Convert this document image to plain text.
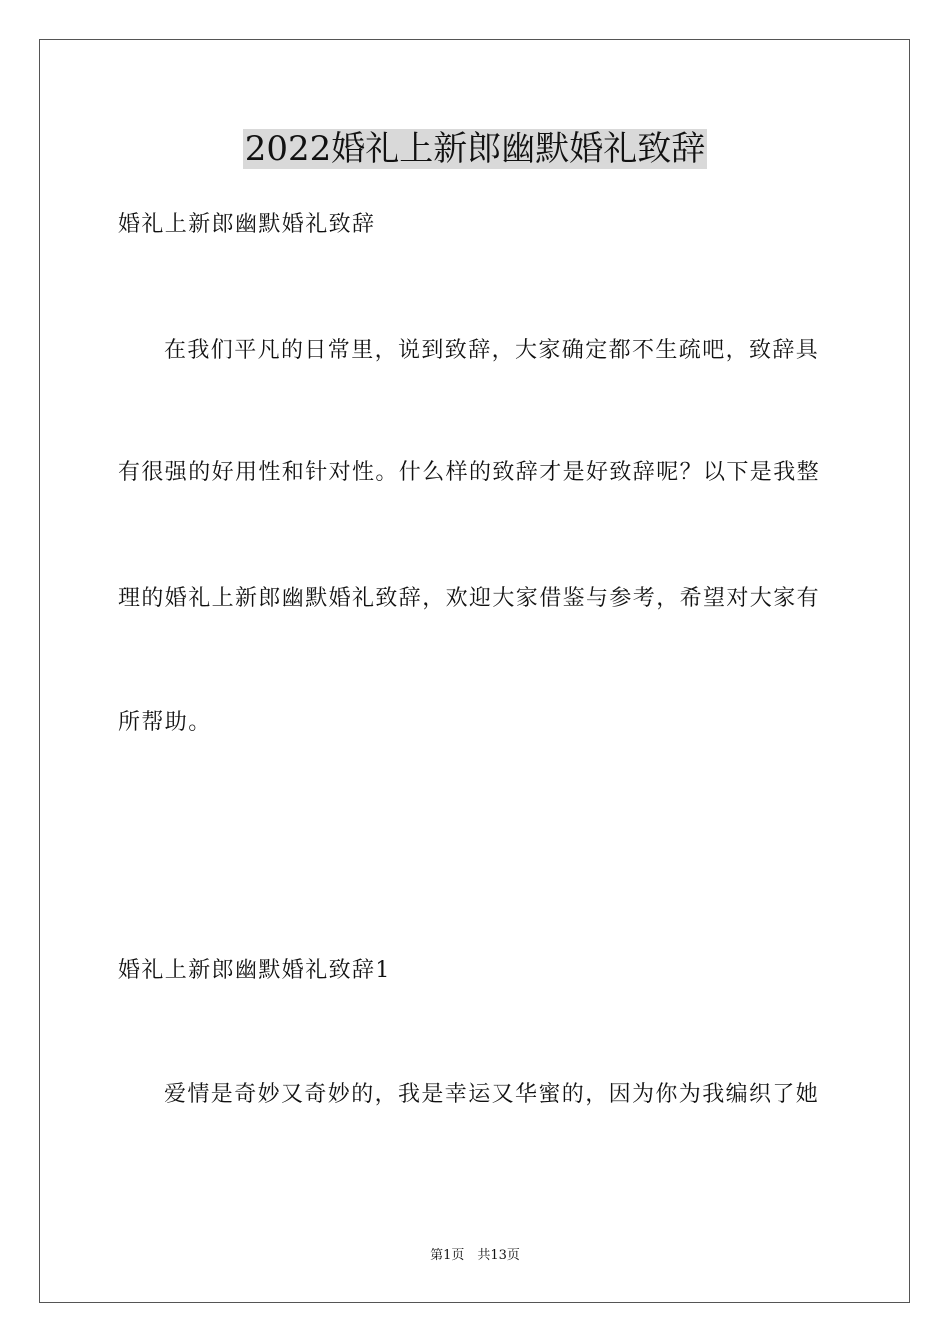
2022婚礼上新郎幽默婚礼致辞
婚礼上新郎幽默婚礼致辞
在我们平凡的日常里，说到致辞，大家确定都不生疏吧，致辞具
有很强的好用性和针对性。什么样的致辞才是好致辞呢？以下是我整
理的婚礼上新郎幽默婚礼致辞，欢迎大家借鉴与参考，希望对大家有
所帮助。
婚礼上新郎幽默婚礼致辞1
爱情是奇妙又奇妙的，我是幸运又华蜜的，因为你为我编织了她
第1页　共13页
